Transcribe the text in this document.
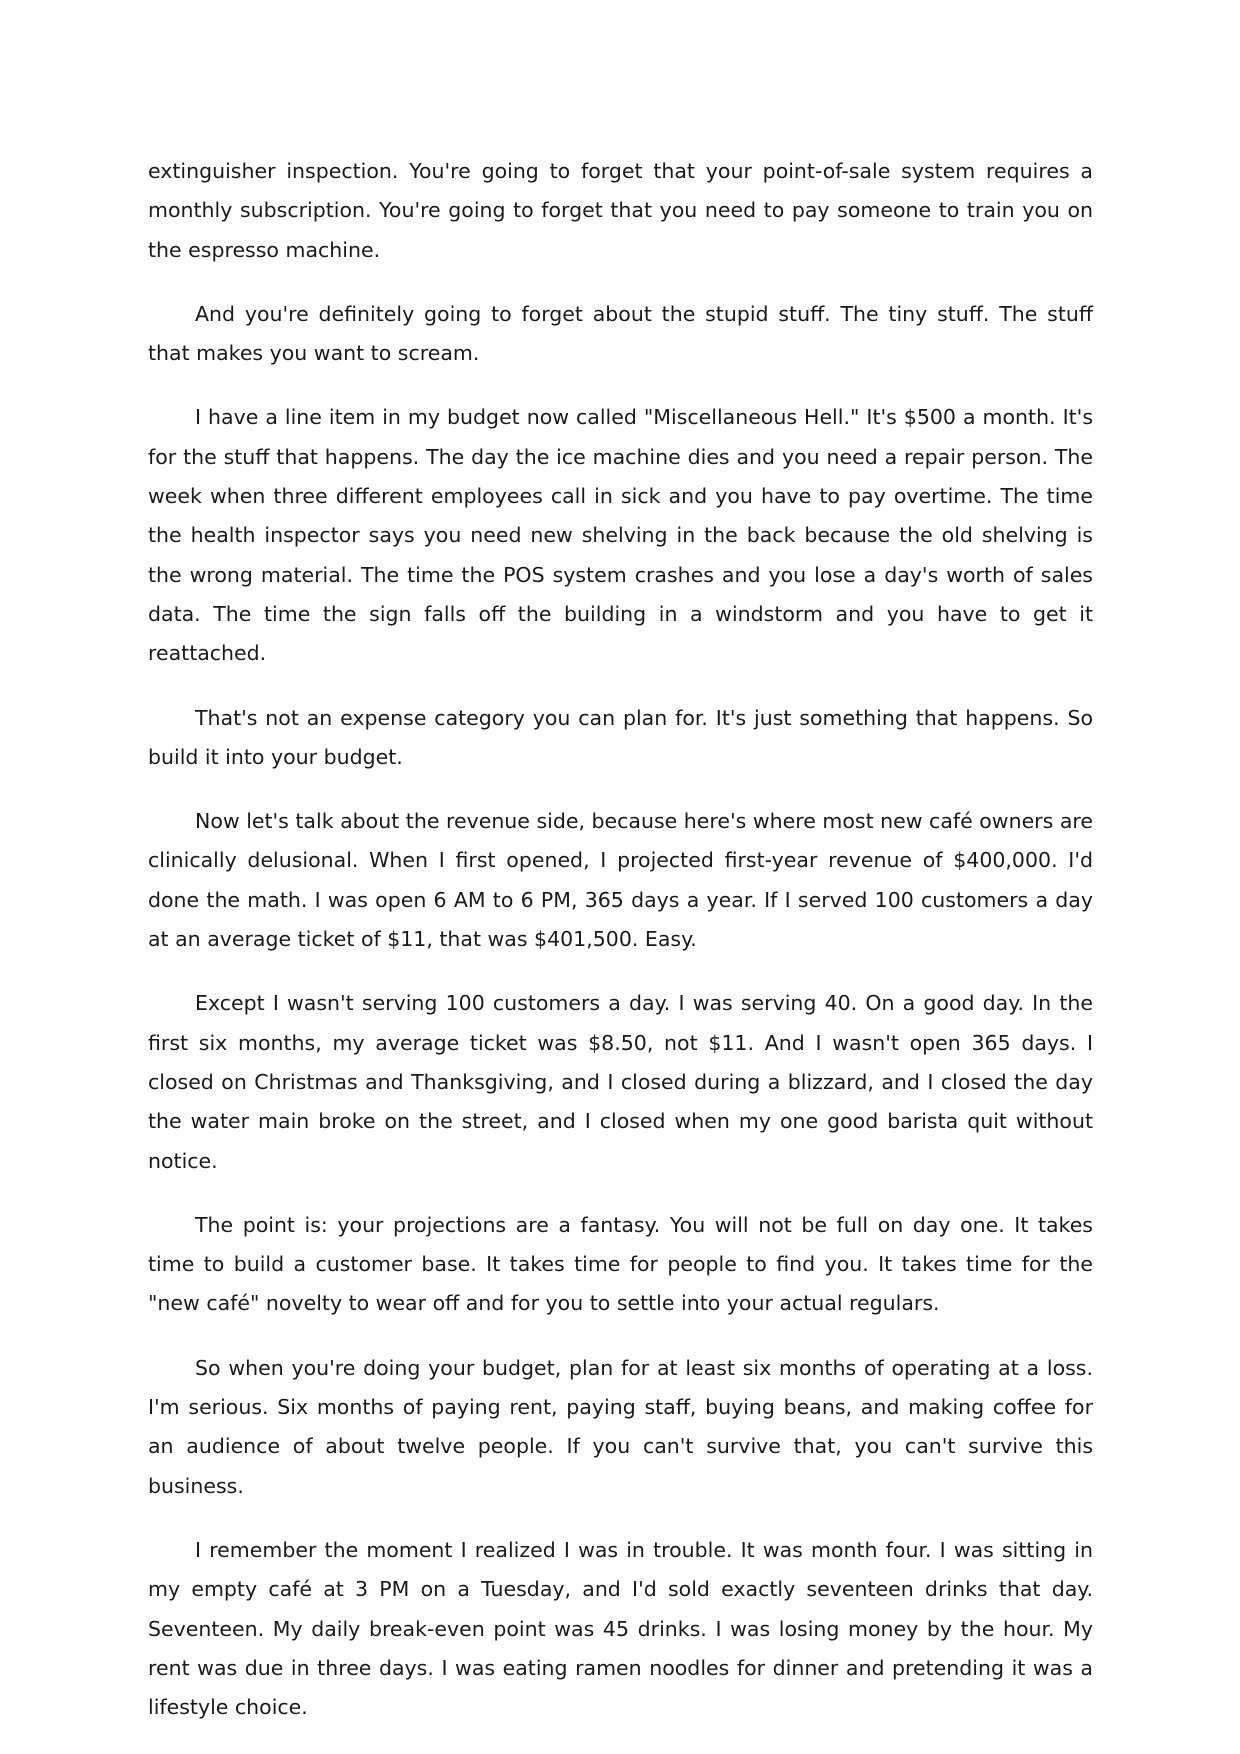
extinguisher inspection. You're going to forget that your point-of-sale system requires a monthly subscription. You're going to forget that you need to pay someone to train you on the espresso machine.

And you're definitely going to forget about the stupid stuff. The tiny stuff. The stuff that makes you want to scream.

I have a line item in my budget now called "Miscellaneous Hell." It's $500 a month. It's for the stuff that happens. The day the ice machine dies and you need a repair person. The week when three different employees call in sick and you have to pay overtime. The time the health inspector says you need new shelving in the back because the old shelving is the wrong material. The time the POS system crashes and you lose a day's worth of sales data. The time the sign falls off the building in a windstorm and you have to get it reattached.

That's not an expense category you can plan for. It's just something that happens. So build it into your budget.

Now let's talk about the revenue side, because here's where most new café owners are clinically delusional. When I first opened, I projected first-year revenue of $400,000. I'd done the math. I was open 6 AM to 6 PM, 365 days a year. If I served 100 customers a day at an average ticket of $11, that was $401,500. Easy.

Except I wasn't serving 100 customers a day. I was serving 40. On a good day. In the first six months, my average ticket was $8.50, not $11. And I wasn't open 365 days. I closed on Christmas and Thanksgiving, and I closed during a blizzard, and I closed the day the water main broke on the street, and I closed when my one good barista quit without notice.

The point is: your projections are a fantasy. You will not be full on day one. It takes time to build a customer base. It takes time for people to find you. It takes time for the "new café" novelty to wear off and for you to settle into your actual regulars.

So when you're doing your budget, plan for at least six months of operating at a loss. I'm serious. Six months of paying rent, paying staff, buying beans, and making coffee for an audience of about twelve people. If you can't survive that, you can't survive this business.

I remember the moment I realized I was in trouble. It was month four. I was sitting in my empty café at 3 PM on a Tuesday, and I'd sold exactly seventeen drinks that day. Seventeen. My daily break-even point was 45 drinks. I was losing money by the hour. My rent was due in three days. I was eating ramen noodles for dinner and pretending it was a lifestyle choice.
